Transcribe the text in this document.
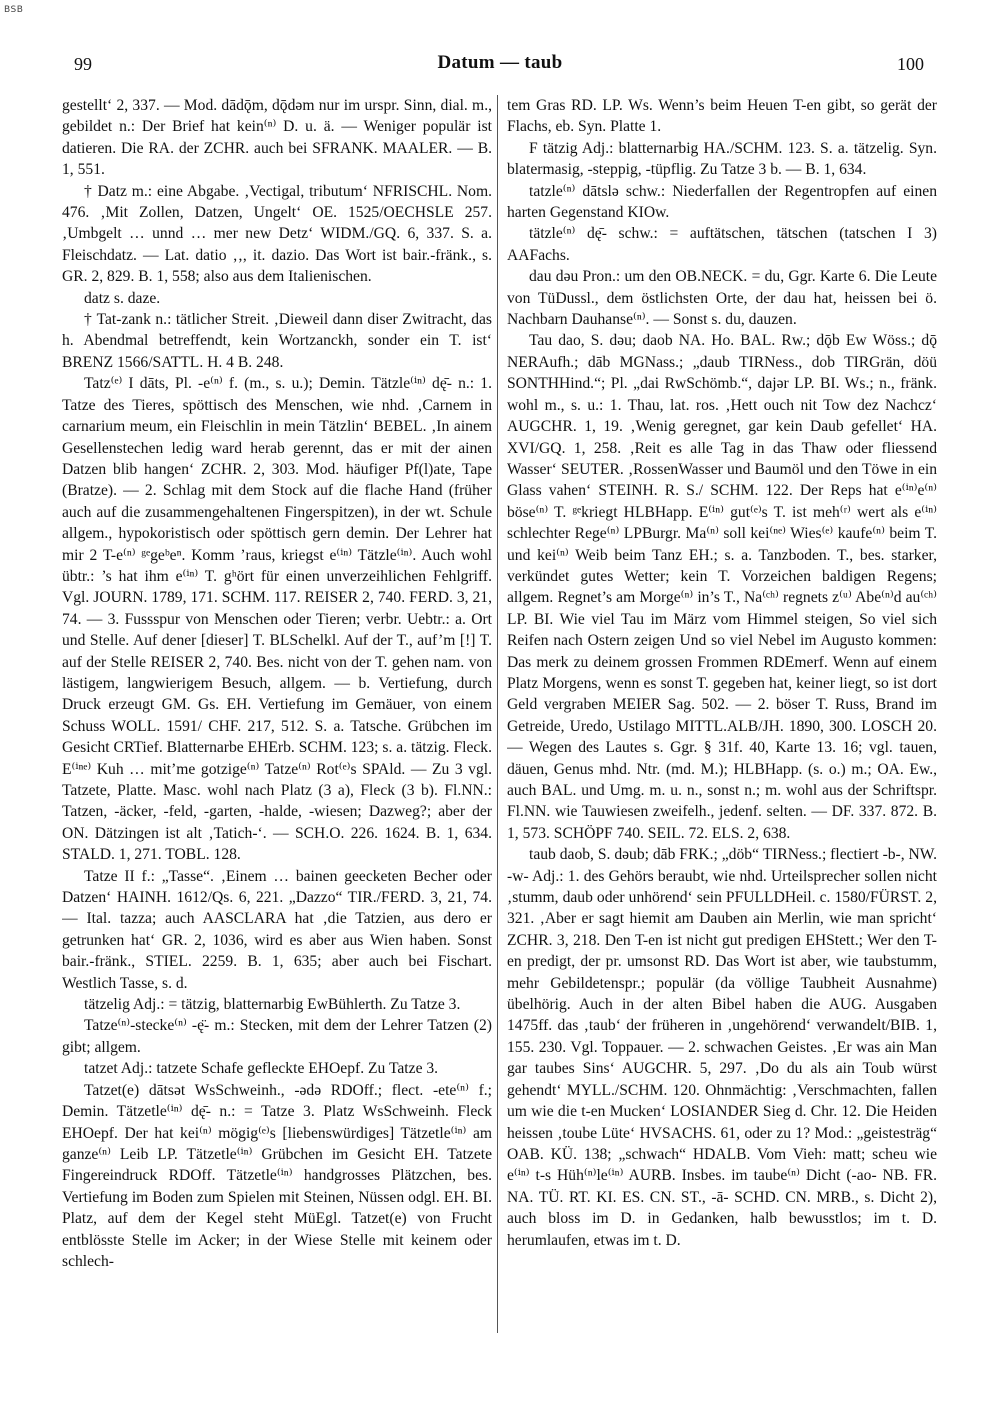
BSB
99	Datum — taub	100

gestellt‘ 2, 337. — Mod. dādǭm, dǭdəm nur im urspr. Sinn, dial. m., gebildet n.: Der Brief hat kein⁽ⁿ⁾ D. u. ä. — Weniger populär ist datieren. Die RA. der ZCHR. auch bei SFRANK. MAALER. — B. 1, 551.

† Datz m.: eine Abgabe. ‚Vectigal, tributum‘ NFRISCHL. Nom. 476. ‚Mit Zollen, Datzen, Ungelt‘ OE. 1525/OECHSLE 257. ‚Umbgelt … unnd … mer new Detz‘ WIDM./GQ. 6, 337. S. a. Fleischdatz. — Lat. datio ‚‚, it. dazio. Das Wort ist bair.-fränk., s. GR. 2, 829. B. 1, 558; also aus dem Italienischen.

datz s. daze.

† Tat-zank n.: tätlicher Streit. ‚Dieweil dann diser Zwitracht, das h. Abendmal betreffendt, kein Wortzanckh, sonder ein T. ist‘ BRENZ 1566/SATTL. H. 4 B. 248.

Tatz⁽ᵉ⁾ I dāts, Pl. -e⁽ⁿ⁾ f. (m., s. u.); Demin. Tätzle⁽ⁱⁿ⁾ dę̄- n.: 1. Tatze des Tieres, spöttisch des Menschen, wie nhd. ‚Carnem in carnarium meum, ein Fleischlin in mein Tätzlin‘ BEBEL. ‚In ainem Gesellenstechen ledig ward herab gerennt, das er mit der ainen Datzen blib hangen‘ ZCHR. 2, 303. Mod. häufiger Pf(l)ate, Tape (Bratze). — 2. Schlag mit dem Stock auf die flache Hand (früher auch auf die zusammengehaltenen Fingerspitzen), in der wt. Schule allgem., hypokoristisch oder spöttisch gern demin. Der Lehrer hat mir 2 T-e⁽ⁿ⁾ ᵍᵉgeᵇeⁿ. Komm ’raus, kriegst e⁽ⁱⁿ⁾ Tätzle⁽ⁱⁿ⁾. Auch wohl übtr.: ’s hat ihm e⁽ⁱⁿ⁾ T. gʰört für einen unverzeihlichen Fehlgriff. Vgl. JOURN. 1789, 171. SCHM. 117. REISER 2, 740. FERD. 3, 21, 74. — 3. Fussspur von Menschen oder Tieren; verbr. Uebtr.: a. Ort und Stelle. Auf dener [dieser] T. BLSchelkl. Auf der T., auf’m [!] T. auf der Stelle REISER 2, 740. Bes. nicht von der T. gehen nam. von lästigem, langwierigem Besuch, allgem. — b. Vertiefung, durch Druck erzeugt GM. Gs. EH. Vertiefung im Gemäuer, von einem Schuss WOLL. 1591/ CHF. 217, 512. S. a. Tatsche. Grübchen im Gesicht CRTief. Blatternarbe EHErb. SCHM. 123; s. a. tätzig. Fleck. E⁽ⁱⁿᵉ⁾ Kuh … mit’me gotzige⁽ⁿ⁾ Tatze⁽ⁿ⁾ Rot⁽ᵉ⁾s SPAld. — Zu 3 vgl. Tatzete, Platte. Masc. wohl nach Platz (3 a), Fleck (3 b). Fl.NN.: Tatzen, -äcker, -feld, -garten, -halde, -wiesen; Dazweg?; aber der ON. Dätzingen ist alt ‚Tatich-‘. — SCH.O. 226. 1624. B. 1, 634. STALD. 1, 271. TOBL. 128.

Tatze II f.: „Tasse“. ‚Einem … bainen geecketen Becher oder Datzen‘ HAINH. 1612/Qs. 6, 221. „Dazzo“ TIR./FERD. 3, 21, 74. — Ital. tazza; auch AASCLARA hat ‚die Tatzien, aus dero er getrunken hat‘ GR. 2, 1036, wird es aber aus Wien haben. Sonst bair.-fränk., STIEL. 2259. B. 1, 635; aber auch bei Fischart. Westlich Tasse, s. d.

tätzelig Adj.: = tätzig, blatternarbig EwBühlerth. Zu Tatze 3.

Tatze⁽ⁿ⁾-stecke⁽ⁿ⁾ -ę̈- m.: Stecken, mit dem der Lehrer Tatzen (2) gibt; allgem.

tatzet Adj.: tatzete Schafe gefleckte EHOepf. Zu Tatze 3.

Tatzet(e) dātsət WsSchweinh., -ədə RDOff.; flect. -ete⁽ⁿ⁾ f.; Demin. Tätzetle⁽ⁱⁿ⁾ dę̄- n.: = Tatze 3. Platz WsSchweinh. Fleck EHOepf. Der hat kei⁽ⁿ⁾ mögig⁽ᵉ⁾s [liebenswürdiges] Tätzetle⁽ⁱⁿ⁾ am ganze⁽ⁿ⁾ Leib LP. Tätzetle⁽ⁱⁿ⁾ Grübchen im Gesicht EH. Tatzete Fingereindruck RDOff. Tätzetle⁽ⁱⁿ⁾ handgrosses Plätzchen, bes. Vertiefung im Boden zum Spielen mit Steinen, Nüssen odgl. EH. BI. Platz, auf dem der Kegel steht MüEgl. Tatzet(e) von Frucht entblösste Stelle im Acker; in der Wiese Stelle mit keinem oder schlech-

tem Gras RD. LP. Ws. Wenn’s beim Heuen T-en gibt, so gerät der Flachs, eb. Syn. Platte 1.

F tätzig Adj.: blatternarbig HA./SCHM. 123. S. a. tätzelig. Syn. blatermasig, -steppig, -tüpflig. Zu Tatze 3 b. — B. 1, 634.

tatzle⁽ⁿ⁾ dātslə schw.: Niederfallen der Regentropfen auf einen harten Gegenstand KIOw.

tätzle⁽ⁿ⁾ dę̄- schw.: = auftätschen, tätschen (tatschen I 3) AAFachs.

dau dəu Pron.: um den OB.NECK. = du, Ggr. Karte 6. Die Leute von TüDussl., dem östlichsten Orte, der dau hat, heissen bei ö. Nachbarn Dauhanse⁽ⁿ⁾. — Sonst s. du, dauzen.

Tau dao, S. dəu; daob NA. Ho. BAL. Rw.; dǭb Ew Wöss.; dǭ NERAufh.; dāb MGNass.; „daub TIRNess., dob TIRGrän, döü SONTHHind.“; Pl. „dai RwSchömb.“, dajər LP. BI. Ws.; n., fränk. wohl m., s. u.: 1. Thau, lat. ros. ‚Hett ouch nit Tow dez Nachcz‘ AUGCHR. 1, 19. ‚Wenig geregnet, gar kein Daub gefellet‘ HA. XVI/GQ. 1, 258. ‚Reit es alle Tag in das Thaw oder fliessend Wasser‘ SEUTER. ‚RossenWasser und Baumöl und den Töwe in ein Glass vahen‘ STEINH. R. S./ SCHM. 122. Der Reps hat e⁽ⁱⁿ⁾e⁽ⁿ⁾ böse⁽ⁿ⁾ T. ᵍᵉkriegt HLBHapp. E⁽ⁱⁿ⁾ gut⁽ᵉ⁾s T. ist meh⁽ʳ⁾ wert als e⁽ⁱⁿ⁾ schlechter Rege⁽ⁿ⁾ LPBurgr. Ma⁽ⁿ⁾ soll kei⁽ⁿᵉ⁾ Wies⁽ᵉ⁾ kaufe⁽ⁿ⁾ beim T. und kei⁽ⁿ⁾ Weib beim Tanz EH.; s. a. Tanzboden. T., bes. starker, verkündet gutes Wetter; kein T. Vorzeichen baldigen Regens; allgem. Regnet’s am Morge⁽ⁿ⁾ in’s T., Na⁽ᶜʰ⁾ regnets z⁽ᵘ⁾ Abe⁽ⁿ⁾d au⁽ᶜʰ⁾ LP. BI. Wie viel Tau im März vom Himmel steigen, So viel sich Reifen nach Ostern zeigen Und so viel Nebel im Augusto kommen: Das merk zu deinem grossen Frommen RDEmerf. Wenn auf einem Platz Morgens, wenn es sonst T. gegeben hat, keiner liegt, so ist dort Geld vergraben MEIER Sag. 502. — 2. böser T. Russ, Brand im Getreide, Uredo, Ustilago MITTL.ALB/JH. 1890, 300. LOSCH 20. — Wegen des Lautes s. Ggr. § 31f. 40, Karte 13. 16; vgl. tauen, däuen, Genus mhd. Ntr. (md. M.); HLBHapp. (s. o.) m.; OA. Ew., auch BAL. und Umg. m. u. n., sonst n.; m. wohl aus der Schriftspr. Fl.NN. wie Tauwiesen zweifelh., jedenf. selten. — DF. 337. 872. B. 1, 573. SCHÖPF 740. SEIL. 72. ELS. 2, 638.

taub daob, S. dəub; dāb FRK.; „döb“ TIRNess.; flectiert -b-, NW. -w- Adj.: 1. des Gehörs beraubt, wie nhd. Urteilsprecher sollen nicht ‚stumm, daub oder unhörend‘ sein PFULLDHeil. c. 1580/FÜRST. 2, 321. ‚Aber er sagt hiemit am Dauben ain Merlin, wie man spricht‘ ZCHR. 3, 218. Den T-en ist nicht gut predigen EHStett.; Wer den T-en predigt, der pr. umsonst RD. Das Wort ist aber, wie taubstumm, mehr Gebildetenspr.; populär (da völlige Taubheit Ausnahme) übelhörig. Auch in der alten Bibel haben die AUG. Ausgaben 1475ff. das ‚taub‘ der früheren in ‚ungehörend‘ verwandelt/BIB. 1, 155. 230. Vgl. Toppauer. — 2. schwachen Geistes. ‚Er was ain Man gar taubes Sins‘ AUGCHR. 5, 297. ‚Do du als ain Toub würst gehendt‘ MYLL./SCHM. 120. Ohnmächtig: ‚Verschmachten, fallen um wie die t-en Mucken‘ LOSIANDER Sieg d. Chr. 12. Die Heiden heissen ‚toube Lüte‘ HVSACHS. 61, oder zu 1? Mod.: „geistesträg“ OAB. KÜ. 138; „schwach“ HDALB. Vom Vieh: matt; scheu wie e⁽ⁱⁿ⁾ t-s Hüh⁽ⁿ⁾le⁽ⁱⁿ⁾ AURB. Insbes. im taube⁽ⁿ⁾ Dicht (-ao- NB. FR. NA. TÜ. RT. KI. ES. CN. ST., -ā- SCHD. CN. MRB., s. Dicht 2), auch bloss im D. in Gedanken, halb bewusstlos; im t. D. herumlaufen, etwas im t. D.
